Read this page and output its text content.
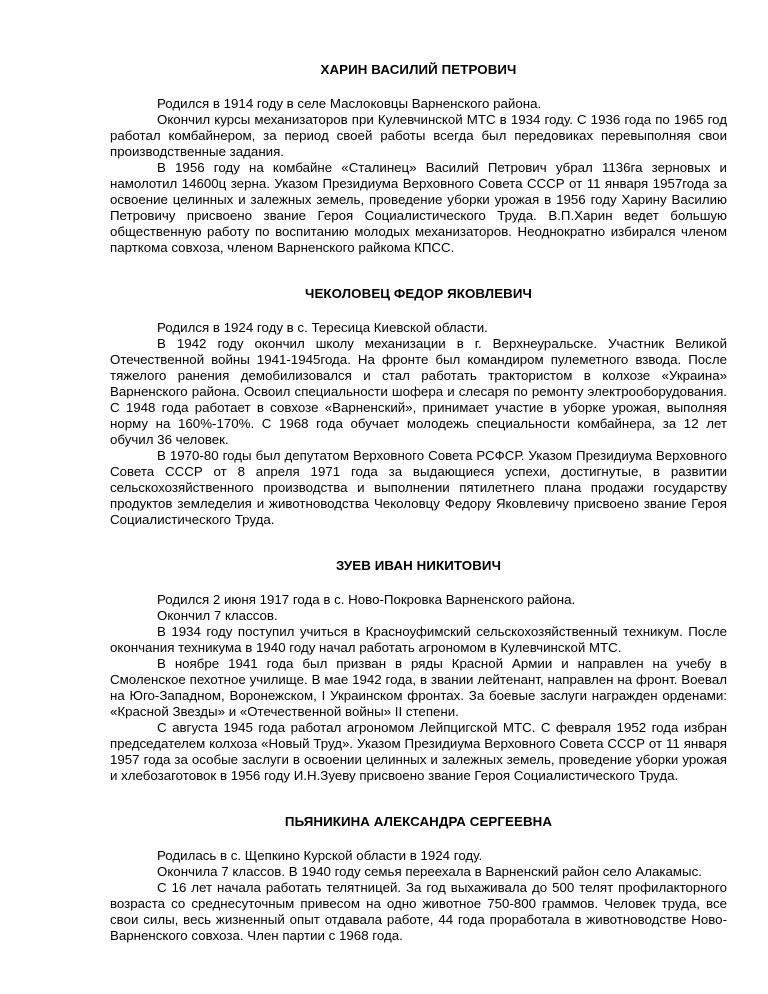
ХАРИН ВАСИЛИЙ ПЕТРОВИЧ

Родился в 1914 году в селе Маслоковцы Варненского района.

Окончил курсы механизаторов при Кулевчинской МТС в 1934 году. С 1936 года по 1965 год работал комбайнером, за период своей работы всегда был передовиках перевыполняя свои производственные задания.

В 1956 году на комбайне «Сталинец» Василий Петрович убрал 1136га зерновых и намолотил 14600ц зерна. Указом Президиума Верховного Совета СССР от 11 января 1957года за освоение целинных и залежных земель, проведение уборки урожая в 1956 году Харину Василию Петровичу присвоено звание Героя Социалистического Труда. В.П.Харин ведет большую общественную работу по воспитанию молодых механизаторов. Неоднократно избирался членом парткома совхоза, членом Варненского райкома КПСС.

ЧЕКОЛОВЕЦ ФЕДОР ЯКОВЛЕВИЧ

Родился в 1924 году в с. Тересица Киевской области.

В 1942 году окончил школу механизации в г. Верхнеуральске. Участник Великой Отечественной войны 1941-1945года. На фронте был командиром пулеметного взвода. После тяжелого ранения демобилизовался и стал работать трактористом в колхозе «Украина» Варненского района. Освоил специальности шофера и слесаря по ремонту электрооборудования. С 1948 года работает в совхозе «Варненский», принимает участие в уборке урожая, выполняя норму на 160%-170%. С 1968 года обучает молодежь специальности комбайнера, за 12 лет обучил 36 человек.

В 1970-80 годы был депутатом Верховного Совета РСФСР. Указом Президиума Верховного Совета СССР от 8 апреля 1971 года за выдающиеся успехи, достигнутые, в развитии сельскохозяйственного производства и выполнении пятилетнего плана продажи государству продуктов земледелия и животноводства Чеколовцу Федору Яковлевичу присвоено звание Героя Социалистического Труда.

ЗУЕВ ИВАН НИКИТОВИЧ

Родился 2 июня 1917 года в с. Ново-Покровка Варненского района.

Окончил 7 классов.

В 1934 году поступил учиться в Красноуфимский сельскохозяйственный техникум. После окончания техникума в 1940 году начал работать агрономом в Кулевчинской МТС.

В ноябре 1941 года был призван в ряды Красной Армии и направлен на учебу в Смоленское пехотное училище. В мае 1942 года, в звании лейтенант, направлен на фронт. Воевал на Юго-Западном, Воронежском, I Украинском фронтах. За боевые заслуги награжден орденами: «Красной Звезды» и «Отечественной войны» II степени.

С августа 1945 года работал агрономом Лейпцигской МТС. С февраля 1952 года избран председателем колхоза «Новый Труд». Указом Президиума Верховного Совета СССР от 11 января 1957 года за особые заслуги в освоении целинных и залежных земель, проведение уборки урожая и хлебозаготовок в 1956 году И.Н.Зуеву присвоено звание Героя Социалистического Труда.

ПЬЯНИКИНА АЛЕКСАНДРА СЕРГЕЕВНА

Родилась в с. Щепкино Курской области в 1924 году.

Окончила 7 классов. В 1940 году семья переехала в Варненский район село Алакамыс.

С 16 лет начала работать телятницей. За год выхаживала до 500 телят профилакторного возраста со среднесуточным привесом на одно животное 750-800 граммов. Человек труда, все свои силы, весь жизненный опыт отдавала работе, 44 года проработала в животноводстве Ново-Варненского совхоза. Член партии с 1968 года.
